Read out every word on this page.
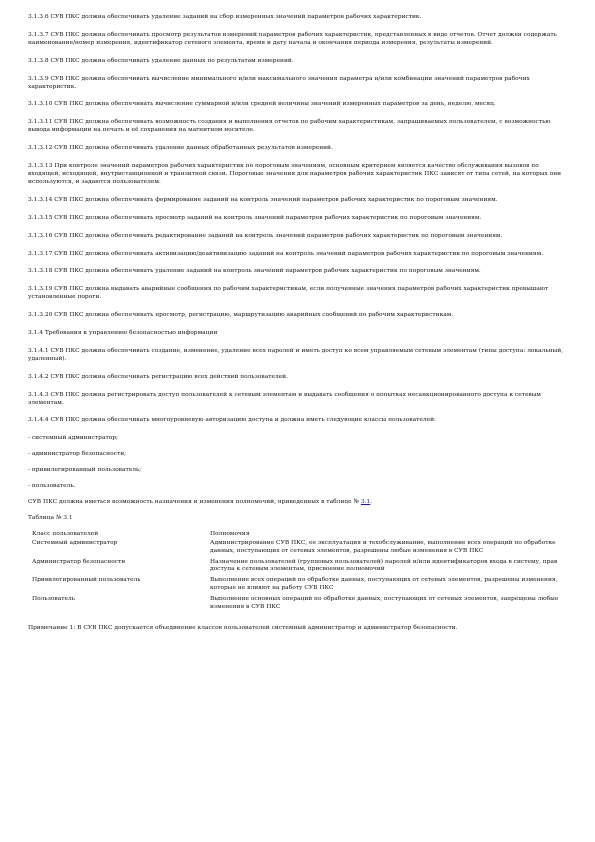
3.1.3.6 СУВ ПКС должна обеспечивать удаление заданий на сбор измеренных значений параметров рабочих характеристик.

3.1.3.7 СУВ ПКС должна обеспечивать просмотр результатов измерений параметров рабочих характеристик, представленных в виде отчетов. Отчет должен содержать наименование/номер измерения, идентификатор сетевого элемента, время и дату начала и окончания периода измерения, результаты измерений.

3.1.3.8 СУВ ПКС должна обеспечивать удаление данных по результатам измерений.

3.1.3.9 СУВ ПКС должна обеспечивать вычисление минимального и/или максимального значения параметра и/или комбинации значений параметров рабочих характеристик.

3.1.3.10 СУВ ПКС должна обеспечивать вычисление суммарной и/или средней величины значений измеренных параметров за день, неделю, месяц.

3.1.3.11 СУВ ПКС должна обеспечивать возможность создания и выполнения отчетов по рабочим характеристикам, запрашиваемых пользователем, с возможностью вывода информации на печать и её сохранения на магнитном носителе.

3.1.3.12 СУВ ПКС должна обеспечивать удаление данных обработанных результатов измерений.

3.1.3.13 При контроле значений параметров рабочих характеристик по пороговым значениям, основным критерием является качество обслуживания вызовов по входящей, исходящей, внутристанционной и транзитной связи. Пороговые значения для параметров рабочих характеристик ПКС зависят от типа сетей, на которых они используются, и задаются пользователем.

3.1.3.14 СУВ ПКС должна обеспечивать формирование заданий на контроль значений параметров рабочих характеристик по пороговым значениям.

3.1.3.15 СУВ ПКС должна обеспечивать просмотр заданий на контроль значений параметров рабочих характеристик по пороговым значениям.

3.1.3.16 СУВ ПКС должна обеспечивать редактирование заданий на контроль значений параметров рабочих характеристик по пороговым значениям.

3.1.3.17 СУВ ПКС должна обеспечивать активизацию/деактивизацию заданий на контроль значений параметров рабочих характеристик по пороговым значениям.

3.1.3.18 СУВ ПКС должна обеспечивать удаление заданий на контроль значений параметров рабочих характеристик по пороговым значениям.

3.1.3.19 СУВ ПКС должна выдавать аварийные сообщения по рабочим характеристикам, если полученные значения параметров рабочих характеристик превышают установленные пороги.

3.1.3.20 СУВ ПКС должна обеспечивать просмотр, регистрацию, маршрутизацию аварийных сообщений по рабочим характеристикам.

3.1.4 Требования к управлению безопасностью информации

3.1.4.1 СУВ ПКС должна обеспечивать создание, изменение, удаление всех паролей и иметь доступ ко всем управляемым сетевым элементам (типы доступа: локальный, удаленный).

3.1.4.2 СУВ ПКС должна обеспечивать регистрацию всех действий пользователей.

3.1.4.3 СУВ ПКС должна регистрировать доступ пользователей к сетевым элементам и выдавать сообщения о попытках несанкционированного доступа к сетевым элементам.

3.1.4.4 СУВ ПКС должна обеспечивать многоуровневую авторизацию доступа и должна иметь следующие классы пользователей:

- системный администратор;

- администратор безопасности;

- привилегированный пользователь;

- пользователь.

СУВ ПКС должна иметься возможность назначения и изменения полномочий, приведенных в таблице № 3.1.

Таблица № 3.1

Класс пользователей	Полномочия
Системный администратор	Администрирование СУВ ПКС, ее эксплуатация и техобслуживание, выполнение всех операций по обработке данных, поступающих от сетевых элементов, разрешены любые изменения в СУВ ПКС
Администратор безопасности	Назначение пользователей (групповых пользователей) паролей и/или идентификаторов входа в систему, прав доступа к сетевым элементам, присвоение полномочий
Привилегированный пользователь	Выполнение всех операций по обработке данных, поступающих от сетевых элементов, разрешены изменения, которые не влияют на работу СУВ ПКС
Пользователь	Выполнение основных операций по обработке данных, поступающих от сетевых элементов, запрещены любые изменения в СУВ ПКС

Примечание 1: В СУВ ПКС допускается объединение классов пользователей системный администратор и администратор безопасности.
